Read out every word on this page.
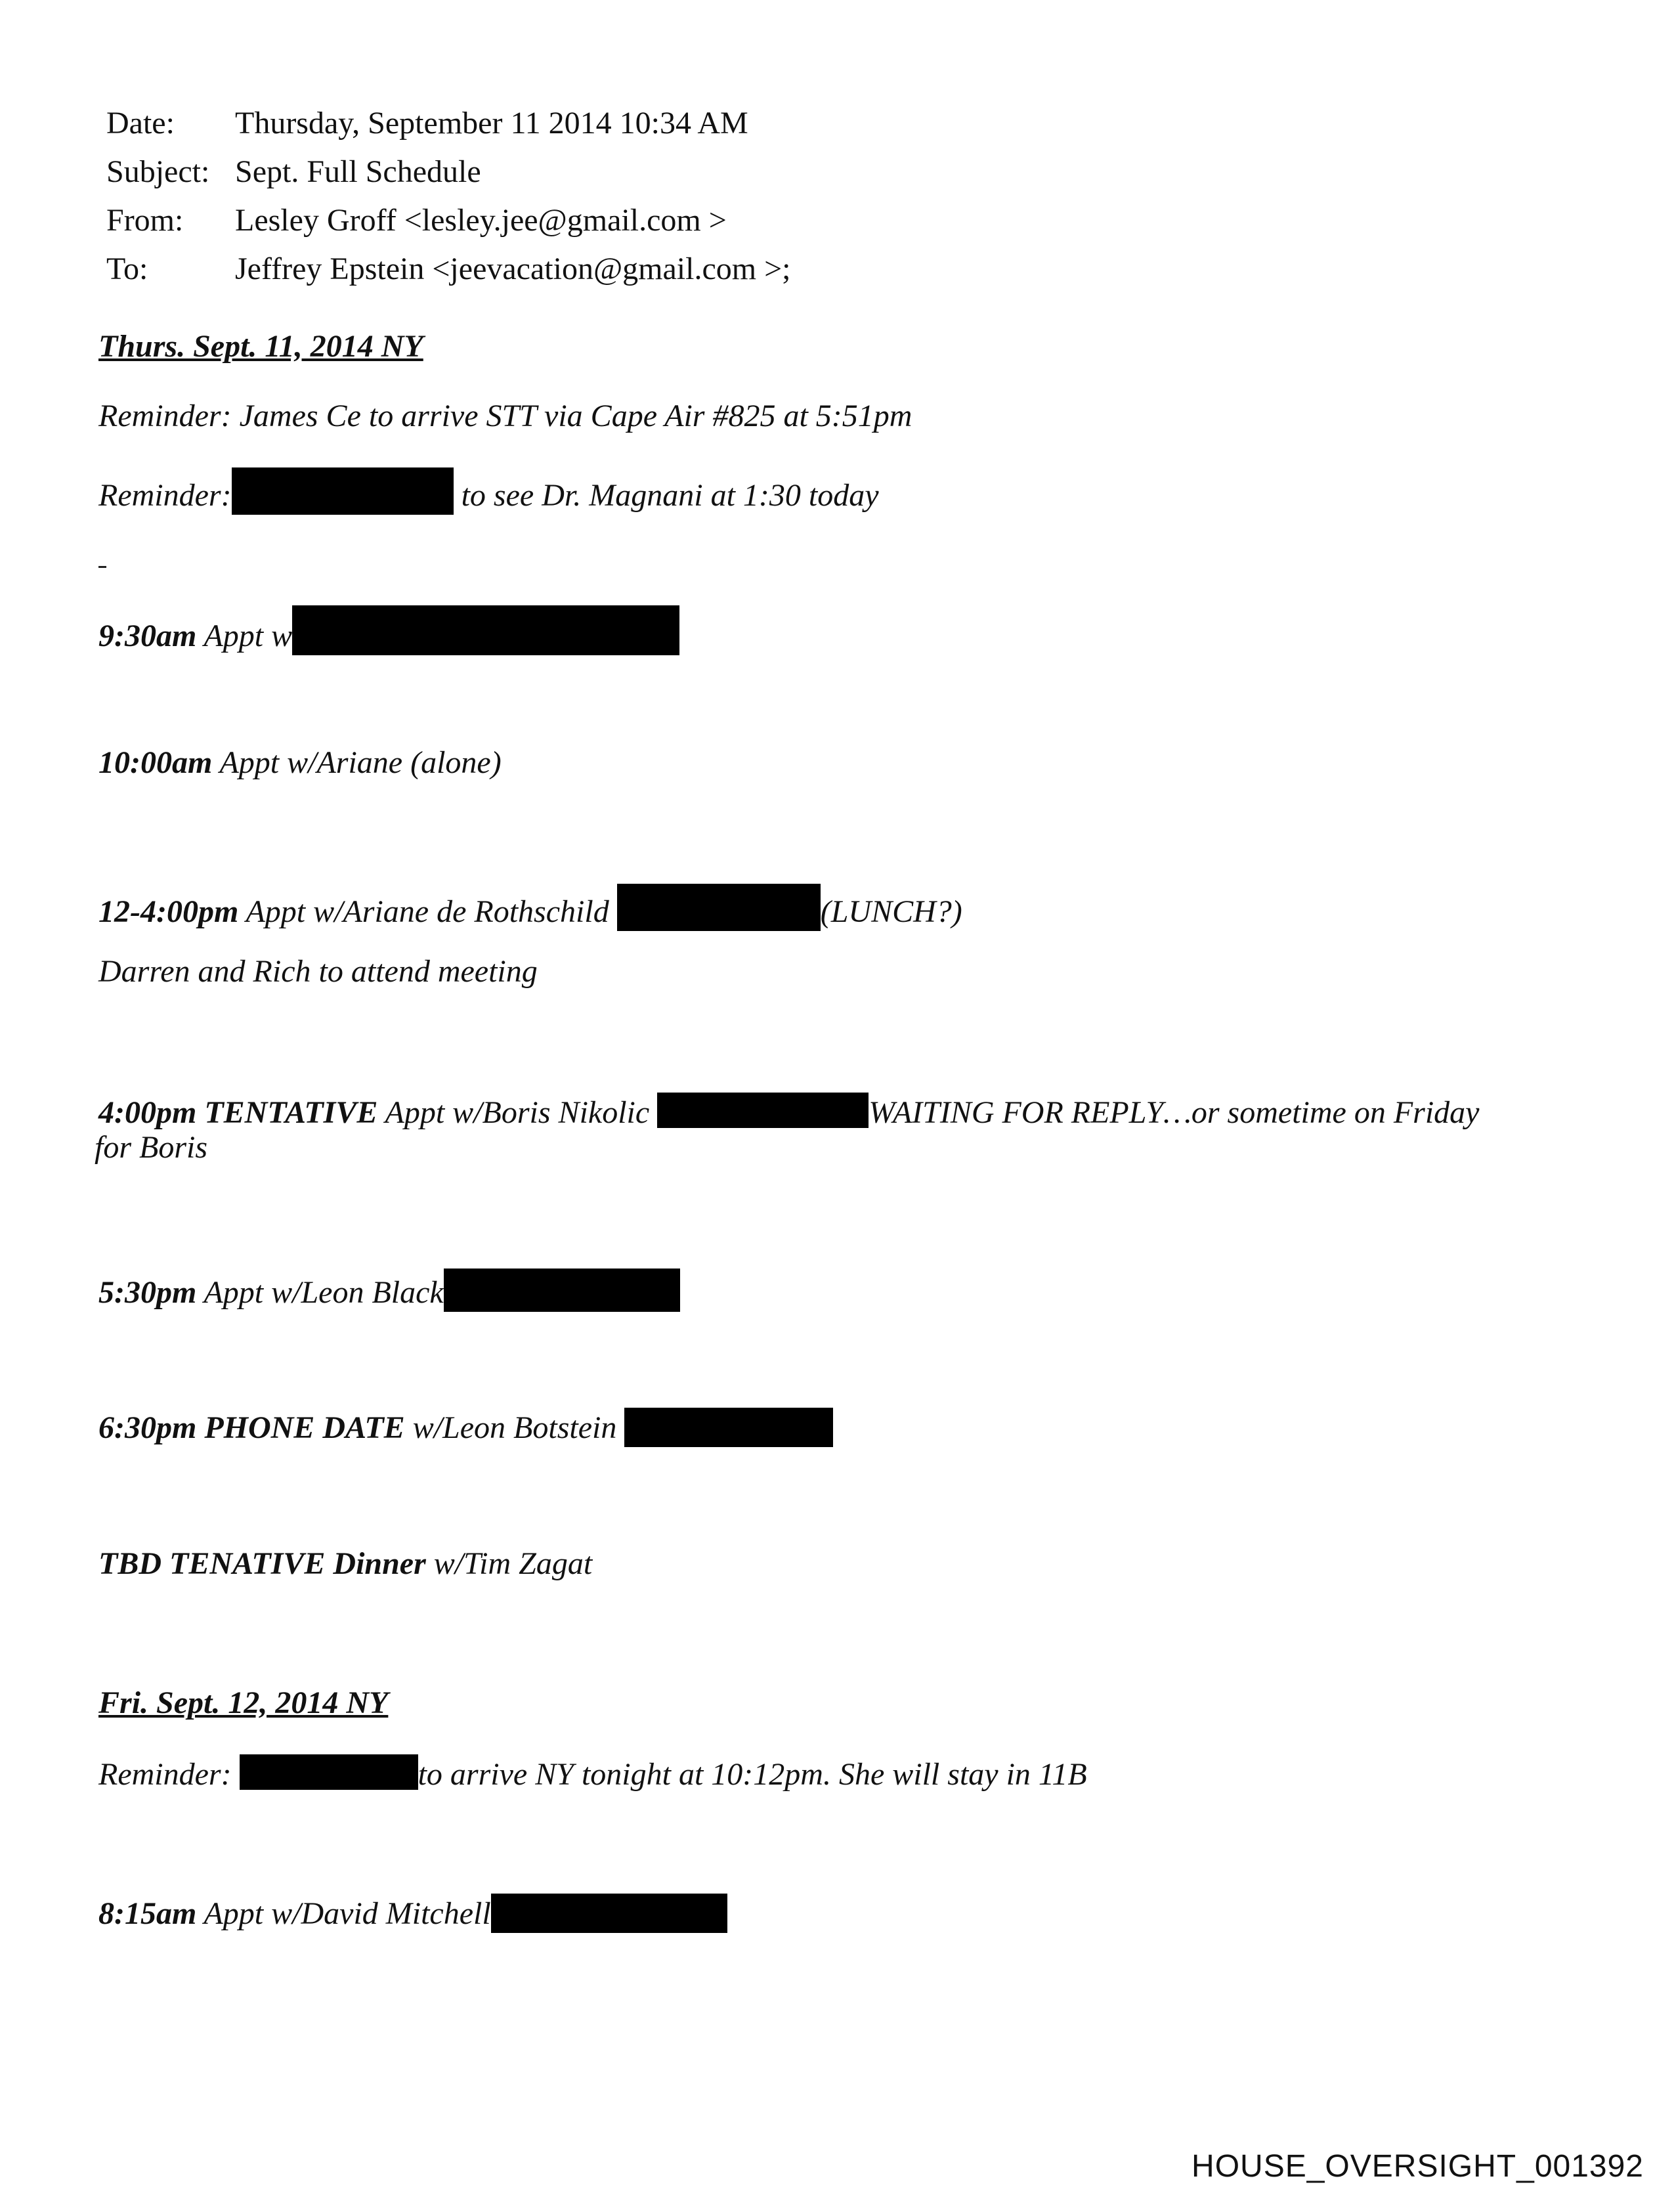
Date: Thursday, September 11 2014 10:34 AM
Subject: Sept. Full Schedule
From: Lesley Groff <lesley.jee@gmail.com >
To:	Jeffrey Epstein <jeevacation@gmail.com >;
Thurs. Sept. 11, 2014 NY
Reminder: James Ce to arrive STT via Cape Air #825 at 5:51pm
Reminder:	to see Dr. Magnani at 1:30 today
9:30am Appt w
10:00am Appt w/Ariane (alone)
12-4:00pm Appt w/Ariane de Rothschild	(LUNCH?)
Darren and Rich to attend meeting
4:00pm TENTATIVE Appt w/Boris Nikolic	WAITING FOR REPLY…or sometime on Friday
for Boris
5:30pm Appt w/Leon Black
6:30pm PHONE DATE w/Leon Botstein
TBD TENATIVE Dinner w/Tim Zagat
Fri. Sept. 12, 2014 NY
Reminder:	to arrive NY tonight at 10:12pm. She will stay in 11B
8:15am Appt w/David Mitchell
HOUSE_OVERSIGHT_001392
